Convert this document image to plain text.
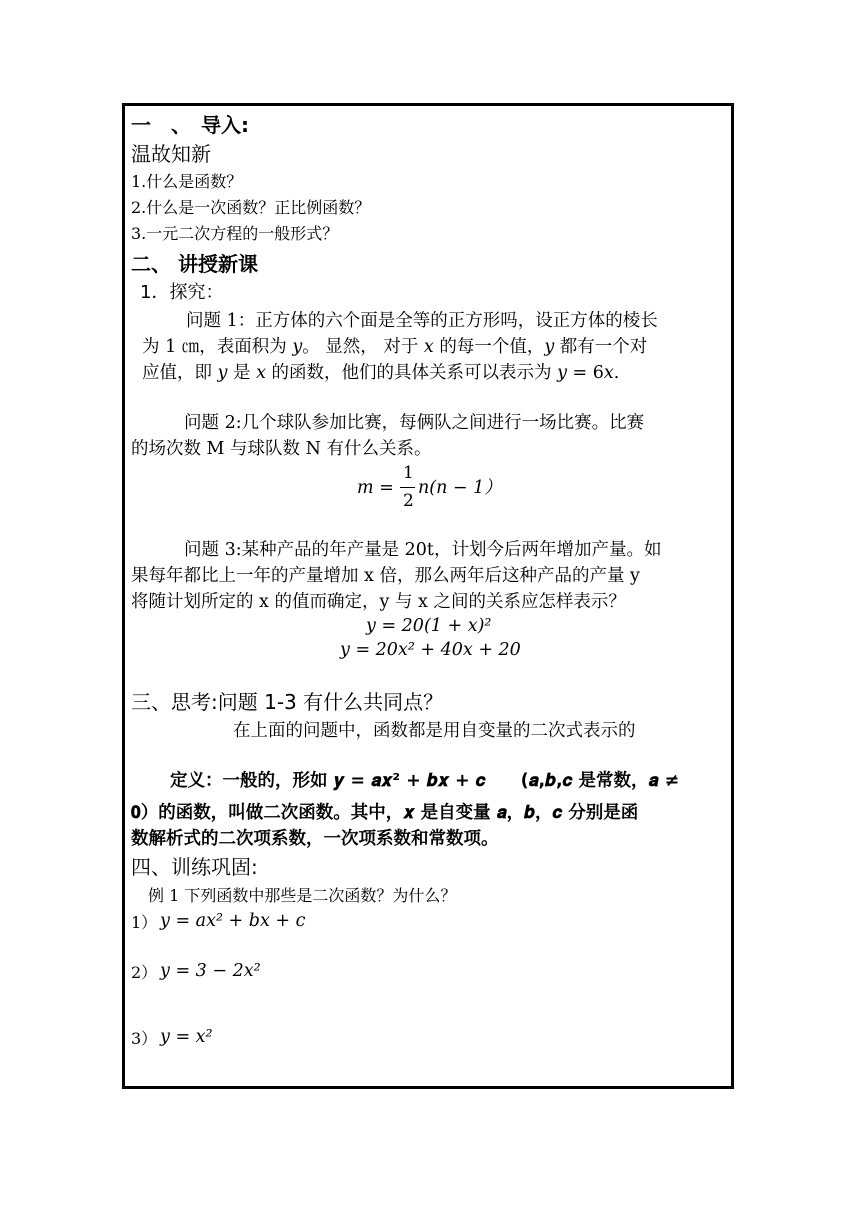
一　、　导入:
温故知新
1.什么是函数？
2.什么是一次函数？正比例函数？
3.一元二次方程的一般形式？
二、 讲授新课
1．探究：
问题 1：正方体的六个面是全等的正方形吗，设正方体的棱长
为 1 ㎝，表面积为 𝑦。 显然， 对于 𝑥 的每一个值，𝑦 都有一个对
应值，即 𝑦 是 𝑥 的函数，他们的具体关系可以表示为 𝑦 = 6𝑥.
问题 2:几个球队参加比赛，每俩队之间进行一场比赛。比赛
的场次数 M 与球队数 N 有什么关系。
m =
1
2
n(n − 1）
问题 3:某种产品的年产量是 20t，计划今后两年增加产量。如
果每年都比上一年的产量增加 x 倍，那么两年后这种产品的产量 y
将随计划所定的 x 的值而确定，y 与 x 之间的关系应怎样表示？
y = 20(1 + x)²
y = 20x² + 40x + 20
三、思考:问题 1-3 有什么共同点？
在上面的问题中，函数都是用自变量的二次式表示的
定义：一般的，形如 𝒚 = 𝒂𝒙² + 𝒃𝒙 + 𝒄　　(𝒂,𝒃,𝒄 是常数，𝒂 ≠
𝟎）的函数，叫做二次函数。其中，𝒙 是自变量 𝒂，𝒃，𝒄 分别是函
数解析式的二次项系数，一次项系数和常数项。
四、训练巩固:
例 1 下列函数中那些是二次函数？为什么？
1） 𝑦 = 𝑎𝑥² + 𝑏𝑥 + 𝑐
2） y = 3 − 2𝑥²
3） y = 𝑥²
